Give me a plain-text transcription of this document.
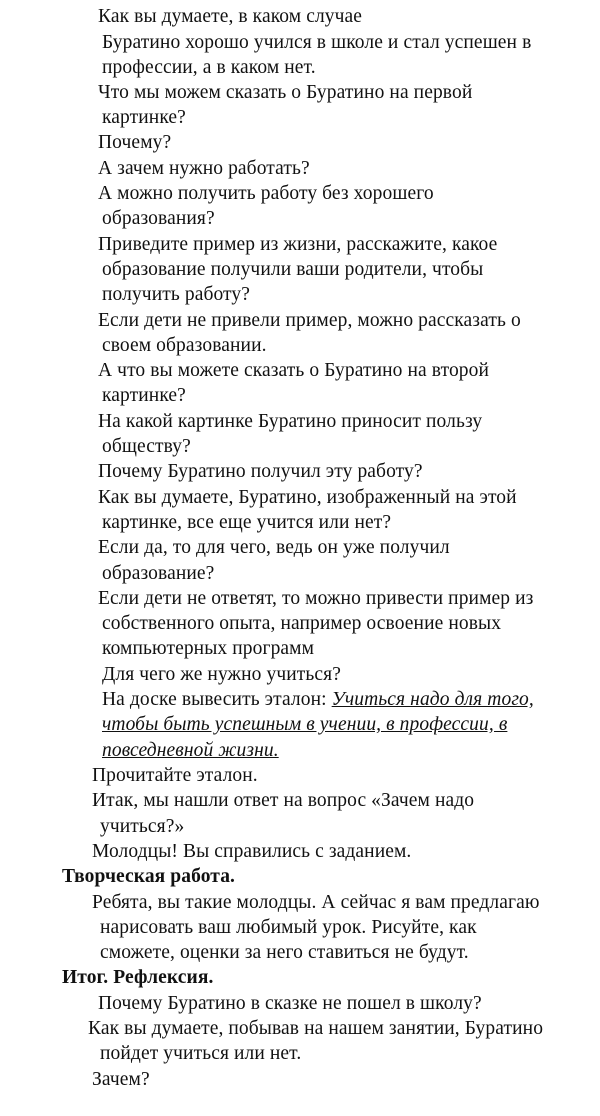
Как вы думаете, в каком случае
Буратино хорошо учился в школе и стал успешен в
профессии, а в каком нет.
Что мы можем сказать о Буратино на первой
картинке?
Почему?
А зачем нужно работать?
А можно получить работу без хорошего
образования?
Приведите пример из жизни, расскажите, какое
образование получили ваши родители, чтобы
получить работу?
Если дети не привели пример, можно рассказать о
своем образовании.
А что вы можете сказать о Буратино на второй
картинке?
На какой картинке Буратино приносит пользу
обществу?
Почему Буратино получил эту работу?
Как вы думаете, Буратино, изображенный на этой
картинке, все еще учится или нет?
Если да, то для чего, ведь он уже получил
образование?
Если дети не ответят, то можно привести пример из
собственного опыта, например освоение новых
компьютерных программ
Для чего же нужно учиться?
На доске вывесить эталон: Учиться надо для того,
чтобы быть успешным в учении, в профессии, в
повседневной жизни.
Прочитайте эталон.
Итак, мы нашли ответ на вопрос «Зачем надо
учиться?»
Молодцы! Вы справились с заданием.
Творческая работа.
Ребята, вы такие молодцы. А сейчас я вам предлагаю
нарисовать ваш любимый урок. Рисуйте, как
сможете, оценки за него ставиться не будут.
Итог. Рефлексия.
Почему Буратино в сказке не пошел в школу?
Как вы думаете, побывав на нашем занятии, Буратино
пойдет учиться или нет.
Зачем?
